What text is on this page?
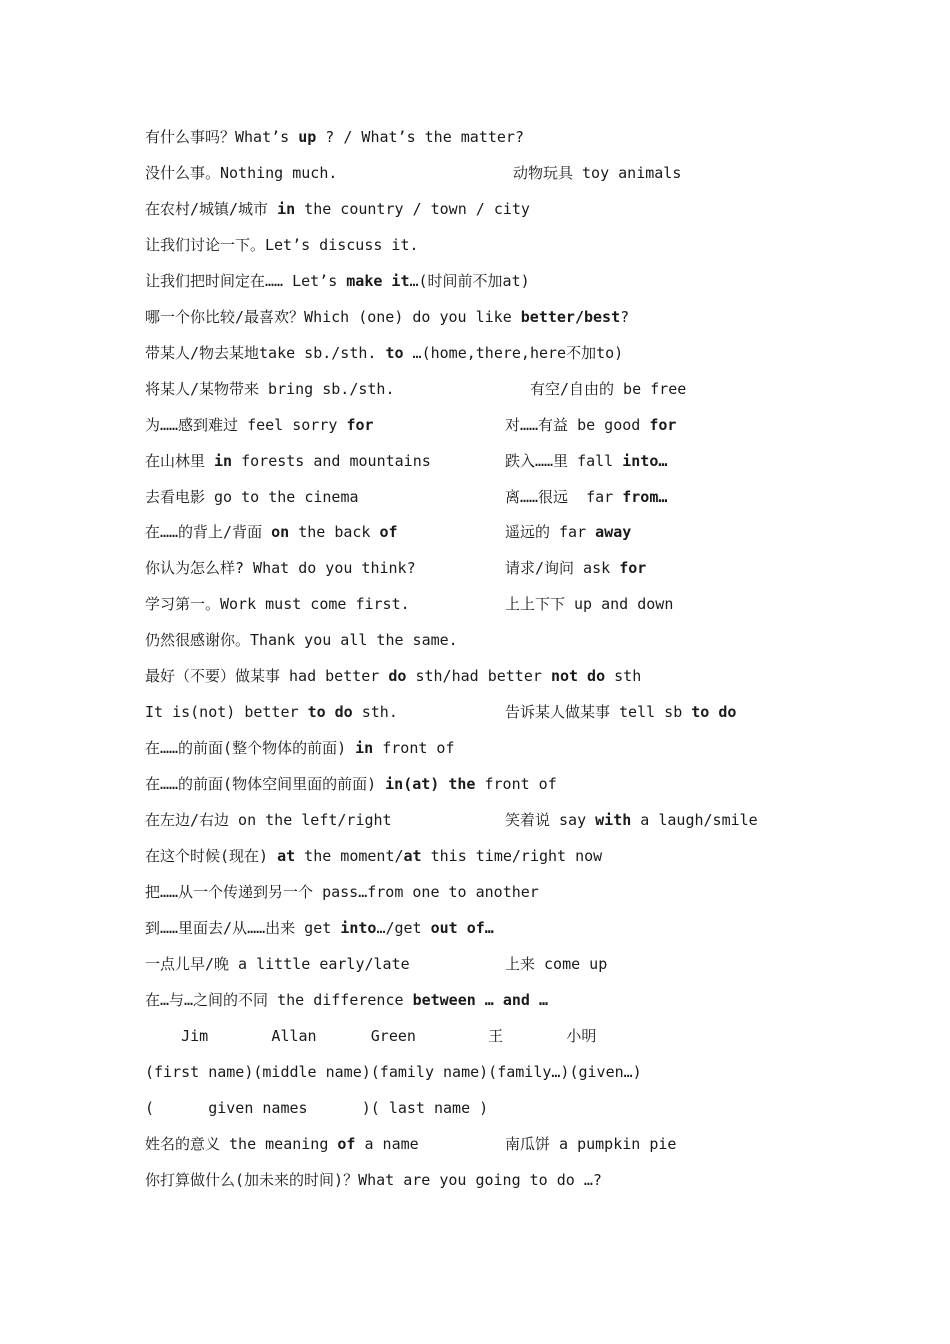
有什么事吗？What’s up ? / What’s the matter?
没什么事。Nothing much.	动物玩具 toy animals
在农村/城镇/城市 in the country / town / city
让我们讨论一下。Let’s discuss it.
让我们把时间定在…… Let’s make it…(时间前不加at)
哪一个你比较/最喜欢？Which (one) do you like better/best?
带某人/物去某地take sb./sth. to …(home,there,here不加to)
将某人/某物带来 bring sb./sth.	有空/自由的 be free
为……感到难过 feel sorry for	对……有益 be good for
在山林里 in forests and mountains	跌入……里 fall into…
去看电影 go to the cinema	离……很远  far from…
在……的背上/背面 on the back of	遥远的 far away
你认为怎么样? What do you think?	请求/询问 ask for
学习第一。Work must come first.	上上下下 up and down
仍然很感谢你。Thank you all the same.
最好（不要）做某事 had better do sth/had better not do sth
It is(not) better to do sth.	告诉某人做某事 tell sb to do
在……的前面(整个物体的前面) in front of
在……的前面(物体空间里面的前面) in(at) the front of
在左边/右边 on the left/right	笑着说 say with a laugh/smile
在这个时候(现在) at the moment/at this time/right now
把……从一个传递到另一个 pass…from one to another
到……里面去/从……出来 get into…/get out of…
一点儿早/晚 a little early/late	上来 come up
在…与…之间的不同 the difference between … and …
Jim       Allan      Green        王       小明
(first name)(middle name)(family name)(family…)(given…)
(      given names      )( last name )
姓名的意义 the meaning of a name	南瓜饼 a pumpkin pie
你打算做什么(加未来的时间)？What are you going to do …?
